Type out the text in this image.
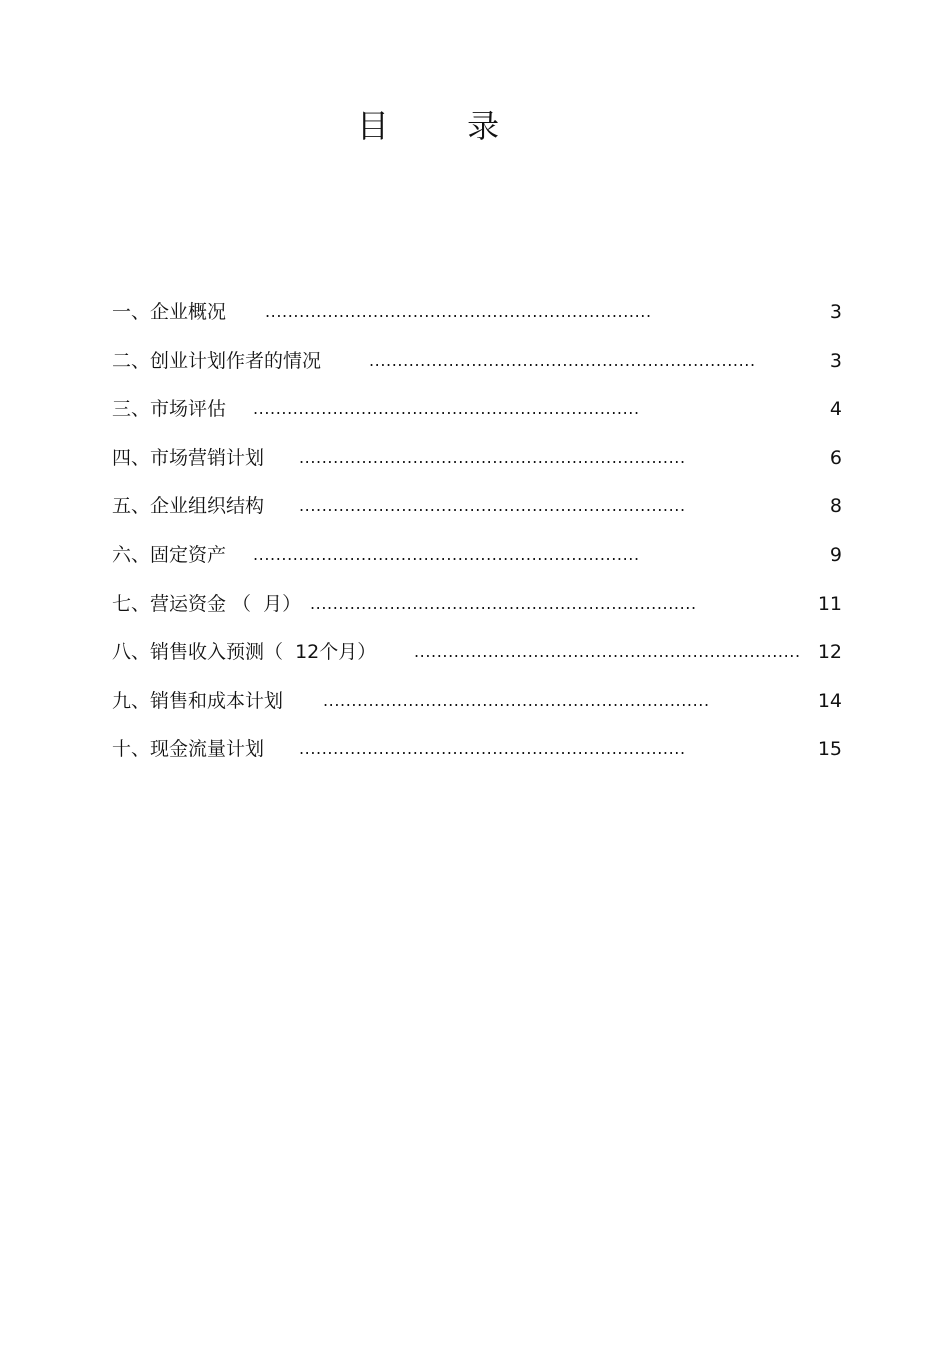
目 录
一、企业概况 ....................................................................	3
二、创业计划作者的情况	....................................................................	3
三、市场评估 ....................................................................	4
四、市场营销计划 ....................................................................	6
五、企业组织结构 ....................................................................	8
六、固定资产 ....................................................................	9
七、营运资金 （  月） ....................................................................	11
八、销售收入预测（  12个月） .................................................................... 12
九、销售和成本计划 ....................................................................	14
十、现金流量计划 ....................................................................	15
